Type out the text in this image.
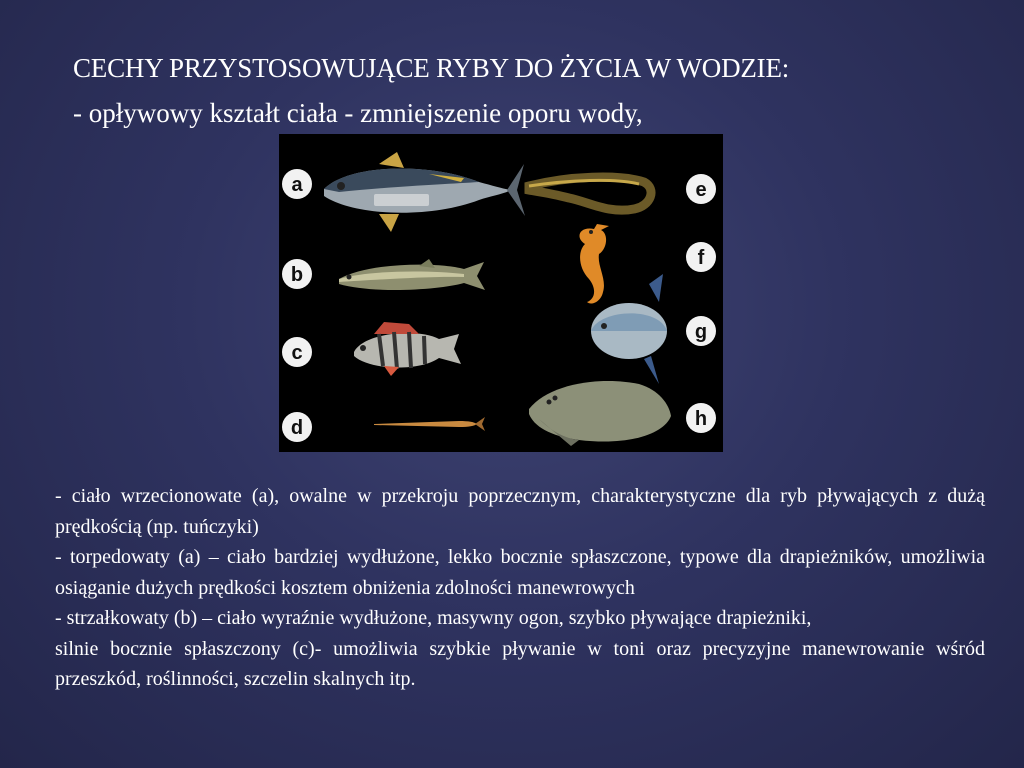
CECHY PRZYSTOSOWUJĄCE RYBY DO ŻYCIA W WODZIE:

- opływowy kształt ciała - zmniejszenie oporu wody,

a
b
c
d
e
f
g
h

- ciało wrzecionowate (a), owalne w przekroju poprzecznym, charakterystyczne dla ryb pływających z dużą prędkością (np. tuńczyki)

- torpedowaty (a) – ciało bardziej wydłużone, lekko bocznie spłaszczone, typowe dla drapieżników, umożliwia osiąganie dużych prędkości kosztem obniżenia zdolności manewrowych

- strzałkowaty (b) – ciało wyraźnie wydłużone, masywny ogon, szybko pływające drapieżniki,

silnie bocznie spłaszczony (c)- umożliwia szybkie pływanie w toni oraz precyzyjne manewrowanie wśród przeszkód, roślinności, szczelin skalnych itp.
